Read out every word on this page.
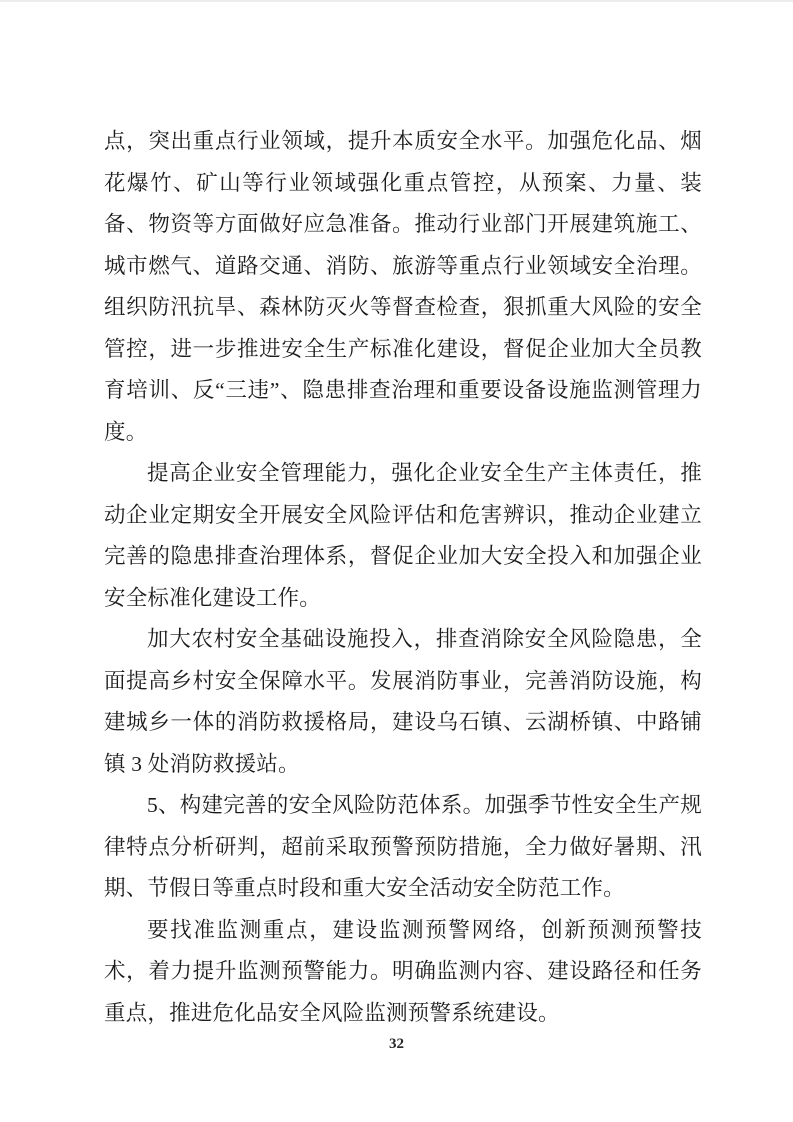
点，突出重点行业领域，提升本质安全水平。加强危化品、烟花爆竹、矿山等行业领域强化重点管控，从预案、力量、装备、物资等方面做好应急准备。推动行业部门开展建筑施工、城市燃气、道路交通、消防、旅游等重点行业领域安全治理。组织防汛抗旱、森林防灭火等督查检查，狠抓重大风险的安全管控，进一步推进安全生产标准化建设，督促企业加大全员教育培训、反“三违”、隐患排查治理和重要设备设施监测管理力度。

提高企业安全管理能力，强化企业安全生产主体责任，推动企业定期安全开展安全风险评估和危害辨识，推动企业建立完善的隐患排查治理体系，督促企业加大安全投入和加强企业安全标准化建设工作。

加大农村安全基础设施投入，排查消除安全风险隐患，全面提高乡村安全保障水平。发展消防事业，完善消防设施，构建城乡一体的消防救援格局，建设乌石镇、云湖桥镇、中路铺镇 3 处消防救援站。

5、构建完善的安全风险防范体系。加强季节性安全生产规律特点分析研判，超前采取预警预防措施，全力做好暑期、汛期、节假日等重点时段和重大安全活动安全防范工作。

要找准监测重点，建设监测预警网络，创新预测预警技术，着力提升监测预警能力。明确监测内容、建设路径和任务重点，推进危化品安全风险监测预警系统建设。

32
